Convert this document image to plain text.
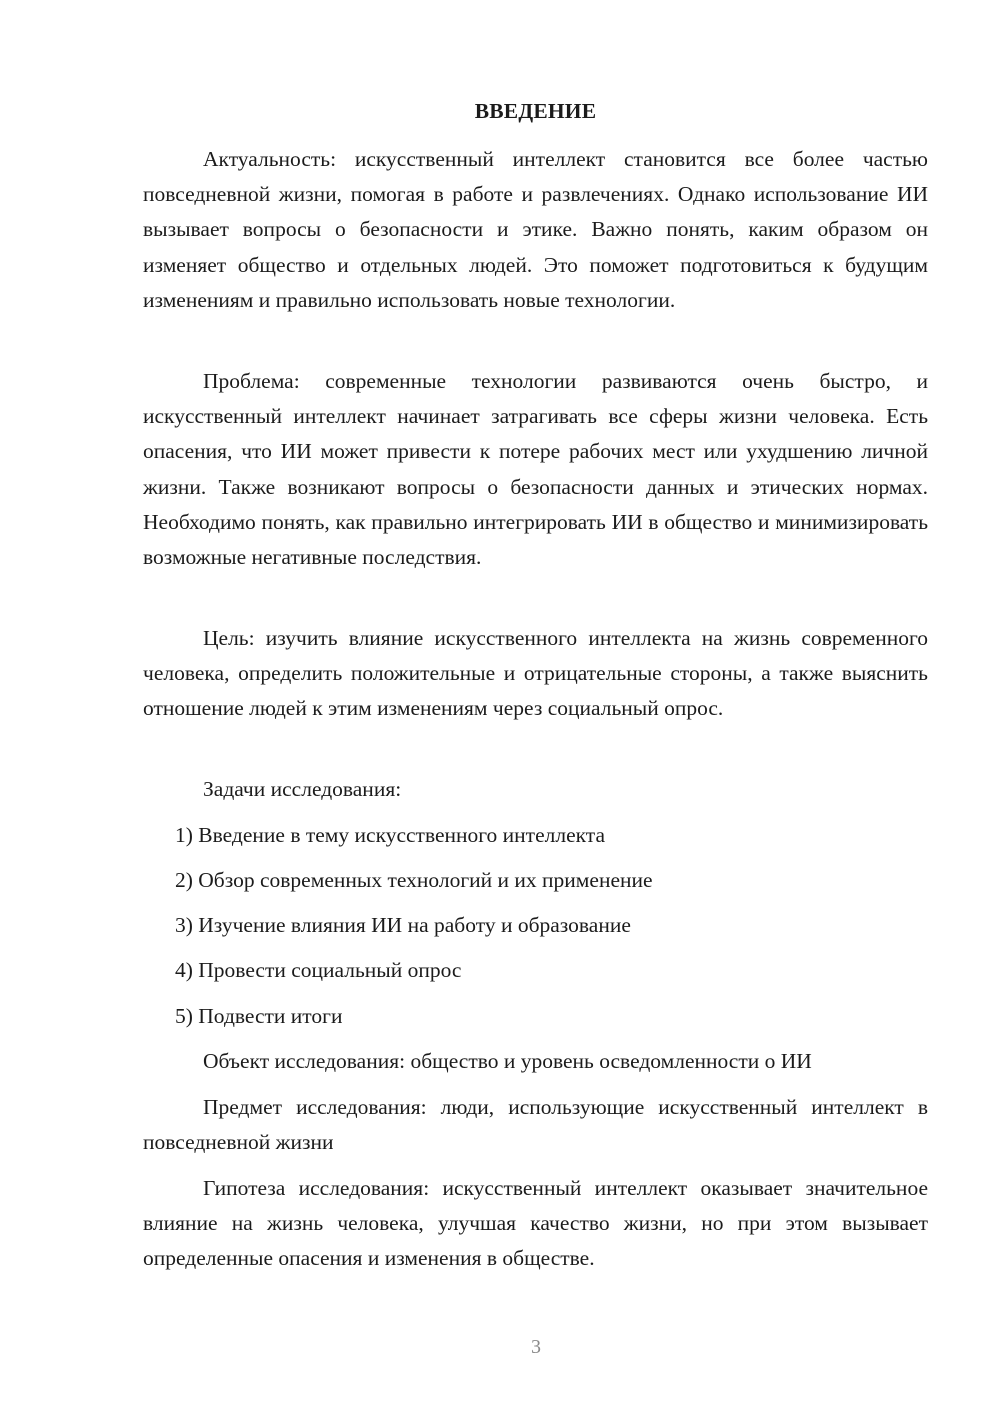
ВВЕДЕНИЕ

Актуальность: искусственный интеллект становится все более частью повседневной жизни, помогая в работе и развлечениях. Однако использование ИИ вызывает вопросы о безопасности и этике. Важно понять, каким образом он изменяет общество и отдельных людей. Это поможет подготовиться к будущим изменениям и правильно использовать новые технологии.

Проблема: современные технологии развиваются очень быстро, и искусственный интеллект начинает затрагивать все сферы жизни человека. Есть опасения, что ИИ может привести к потере рабочих мест или ухудшению личной жизни. Также возникают вопросы о безопасности данных и этических нормах. Необходимо понять, как правильно интегрировать ИИ в общество и минимизировать возможные негативные последствия.

Цель: изучить влияние искусственного интеллекта на жизнь современного человека, определить положительные и отрицательные стороны, а также выяснить отношение людей к этим изменениям через социальный опрос.

Задачи исследования:

1) Введение в тему искусственного интеллекта

2) Обзор современных технологий и их применение

3) Изучение влияния ИИ на работу и образование

4) Провести социальный опрос

5) Подвести итоги

Объект исследования: общество и уровень осведомленности о ИИ

Предмет исследования: люди, использующие искусственный интеллект в повседневной жизни

Гипотеза исследования: искусственный интеллект оказывает значительное влияние на жизнь человека, улучшая качество жизни, но при этом вызывает определенные опасения и изменения в обществе.

3
